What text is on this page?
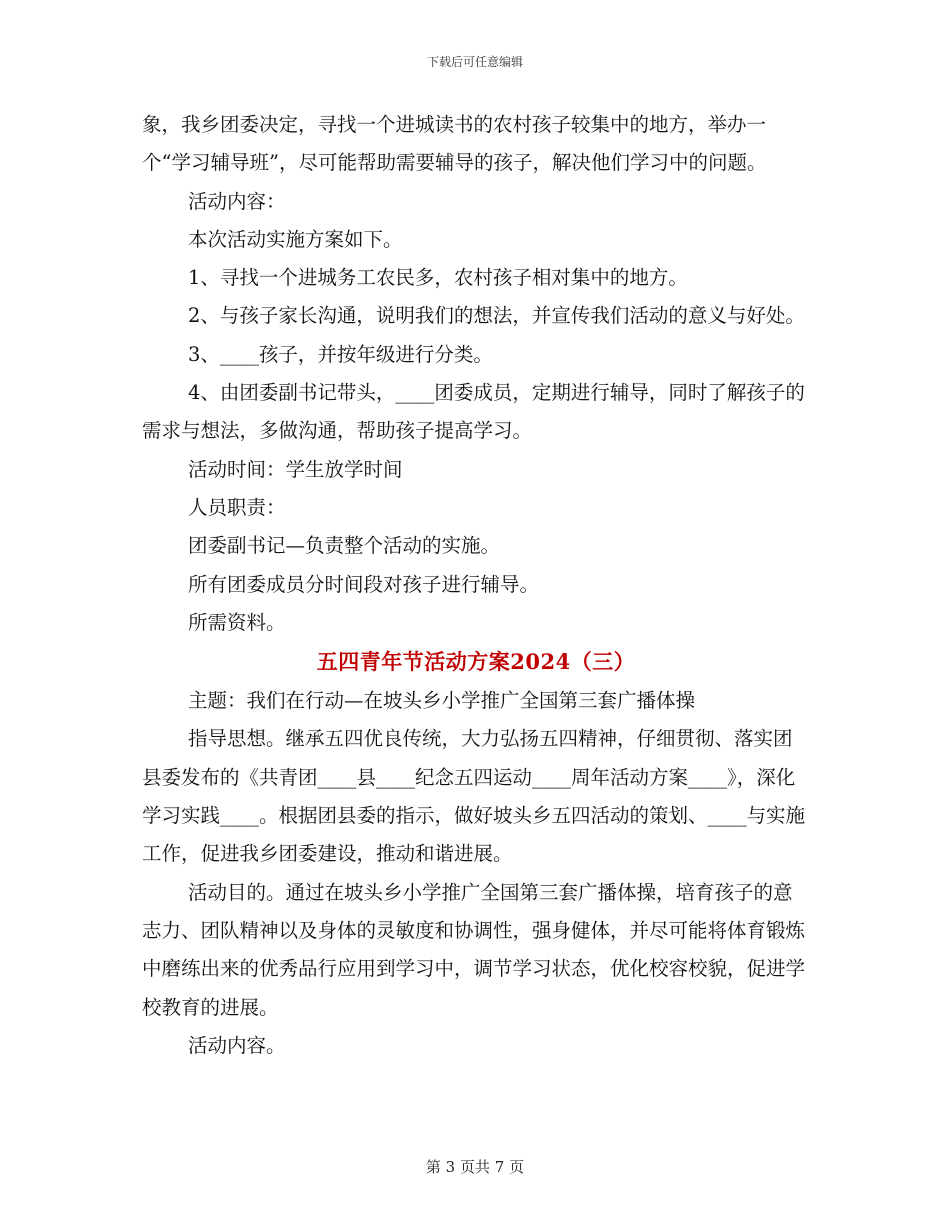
下载后可任意编辑

象，我乡团委决定，寻找一个进城读书的农村孩子较集中的地方，举办一个“学习辅导班”，尽可能帮助需要辅导的孩子，解决他们学习中的问题。

活动内容：

本次活动实施方案如下。

1、寻找一个进城务工农民多，农村孩子相对集中的地方。

2、与孩子家长沟通，说明我们的想法，并宣传我们活动的意义与好处。

3、____孩子，并按年级进行分类。

4、由团委副书记带头，____团委成员，定期进行辅导，同时了解孩子的需求与想法，多做沟通，帮助孩子提高学习。

活动时间：学生放学时间

人员职责：

团委副书记—负责整个活动的实施。

所有团委成员分时间段对孩子进行辅导。

所需资料。

五四青年节活动方案2024（三）

主题：我们在行动—在坡头乡小学推广全国第三套广播体操

指导思想。继承五四优良传统，大力弘扬五四精神，仔细贯彻、落实团县委发布的《共青团____县____纪念五四运动____周年活动方案____》，深化学习实践____。根据团县委的指示，做好坡头乡五四活动的策划、____与实施工作，促进我乡团委建设，推动和谐进展。

活动目的。通过在坡头乡小学推广全国第三套广播体操，培育孩子的意志力、团队精神以及身体的灵敏度和协调性，强身健体，并尽可能将体育锻炼中磨练出来的优秀品行应用到学习中，调节学习状态，优化校容校貌，促进学校教育的进展。

活动内容。

第 3 页共 7 页
